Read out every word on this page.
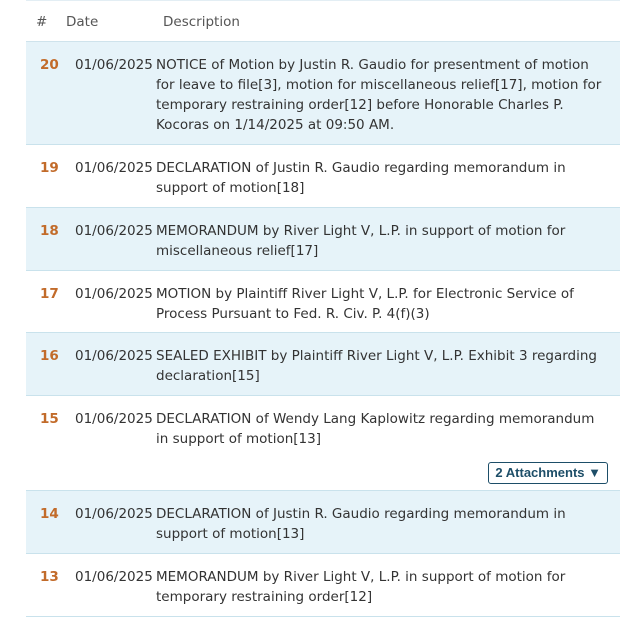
# Date	Description
20 01/06/2025 NOTICE of Motion by Justin R. Gaudio for presentment of motion for leave to file[3], motion for miscellaneous relief[17], motion for temporary restraining order[12] before Honorable Charles P. Kocoras on 1/14/2025 at 09:50 AM.
19 01/06/2025 DECLARATION of Justin R. Gaudio regarding memorandum in support of motion[18]
18 01/06/2025 MEMORANDUM by River Light V, L.P. in support of motion for miscellaneous relief[17]
17 01/06/2025 MOTION by Plaintiff River Light V, L.P. for Electronic Service of Process Pursuant to Fed. R. Civ. P. 4(f)(3)
16 01/06/2025 SEALED EXHIBIT by Plaintiff River Light V, L.P. Exhibit 3 regarding declaration[15]
15 01/06/2025 DECLARATION of Wendy Lang Kaplowitz regarding memorandum in support of motion[13]
2 Attachments ▼
14 01/06/2025 DECLARATION of Justin R. Gaudio regarding memorandum in support of motion[13]
13 01/06/2025 MEMORANDUM by River Light V, L.P. in support of motion for temporary restraining order[12]
